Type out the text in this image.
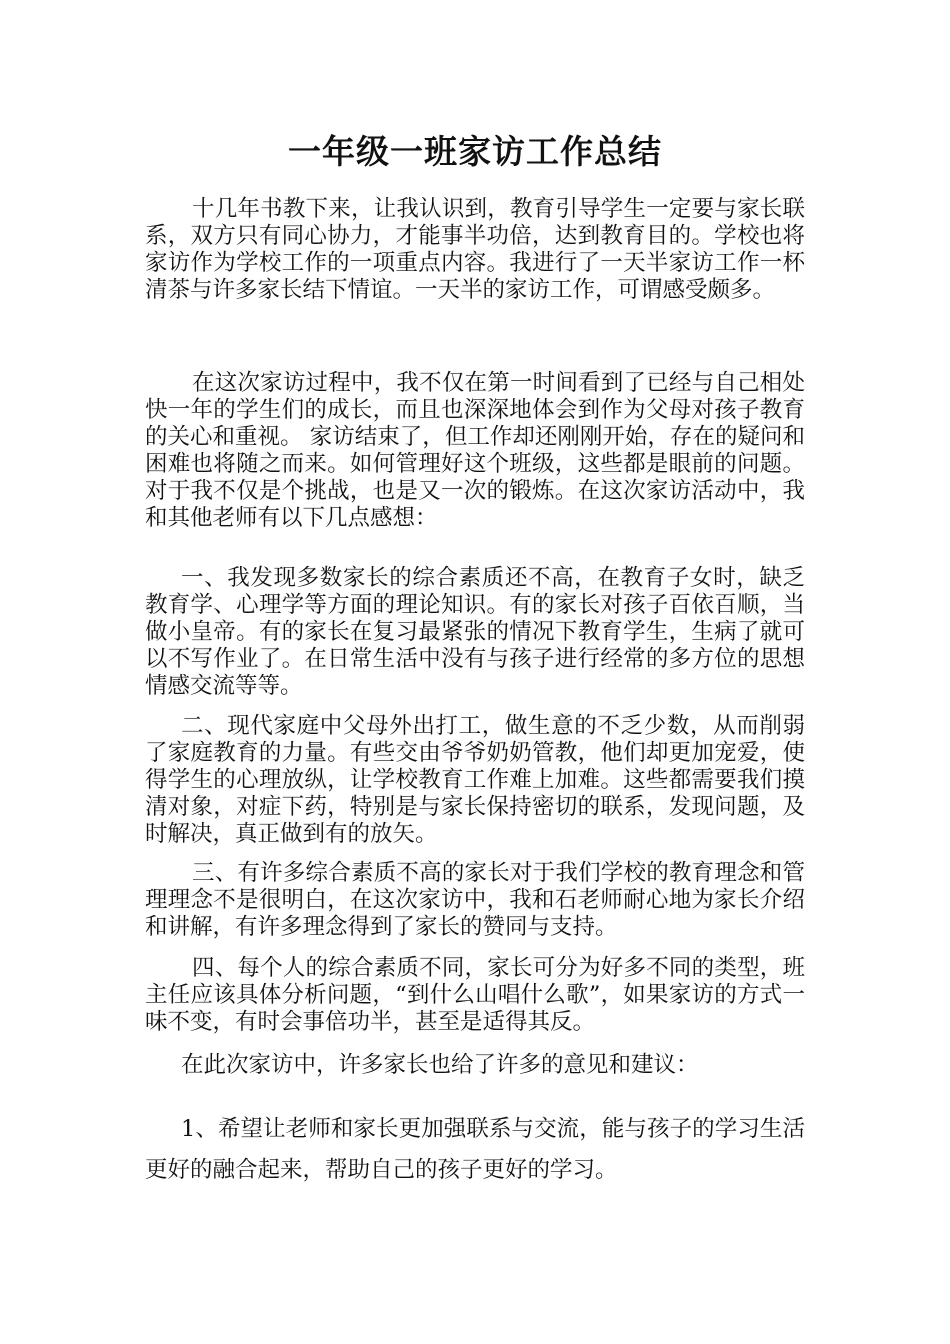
一年级一班家访工作总结

十几年书教下来，让我认识到，教育引导学生一定要与家长联系，双方只有同心协力，才能事半功倍，达到教育目的。学校也将家访作为学校工作的一项重点内容。我进行了一天半家访工作一杯清茶与许多家长结下情谊。一天半的家访工作，可谓感受颇多。

在这次家访过程中，我不仅在第一时间看到了已经与自己相处快一年的学生们的成长，而且也深深地体会到作为父母对孩子教育的关心和重视。 家访结束了，但工作却还刚刚开始，存在的疑问和困难也将随之而来。如何管理好这个班级，这些都是眼前的问题。对于我不仅是个挑战，也是又一次的锻炼。在这次家访活动中，我和其他老师有以下几点感想：

一、我发现多数家长的综合素质还不高，在教育子女时，缺乏教育学、心理学等方面的理论知识。有的家长对孩子百依百顺，当做小皇帝。有的家长在复习最紧张的情况下教育学生，生病了就可以不写作业了。在日常生活中没有与孩子进行经常的多方位的思想情感交流等等。

二、现代家庭中父母外出打工，做生意的不乏少数，从而削弱了家庭教育的力量。有些交由爷爷奶奶管教，他们却更加宠爱，使得学生的心理放纵，让学校教育工作难上加难。这些都需要我们摸清对象，对症下药，特别是与家长保持密切的联系，发现问题，及时解决，真正做到有的放矢。

三、有许多综合素质不高的家长对于我们学校的教育理念和管理理念不是很明白，在这次家访中，我和石老师耐心地为家长介绍和讲解，有许多理念得到了家长的赞同与支持。

四、每个人的综合素质不同，家长可分为好多不同的类型，班主任应该具体分析问题，“到什么山唱什么歌”，如果家访的方式一味不变，有时会事倍功半，甚至是适得其反。

在此次家访中，许多家长也给了许多的意见和建议：

1、希望让老师和家长更加强联系与交流，能与孩子的学习生活更好的融合起来，帮助自己的孩子更好的学习。
